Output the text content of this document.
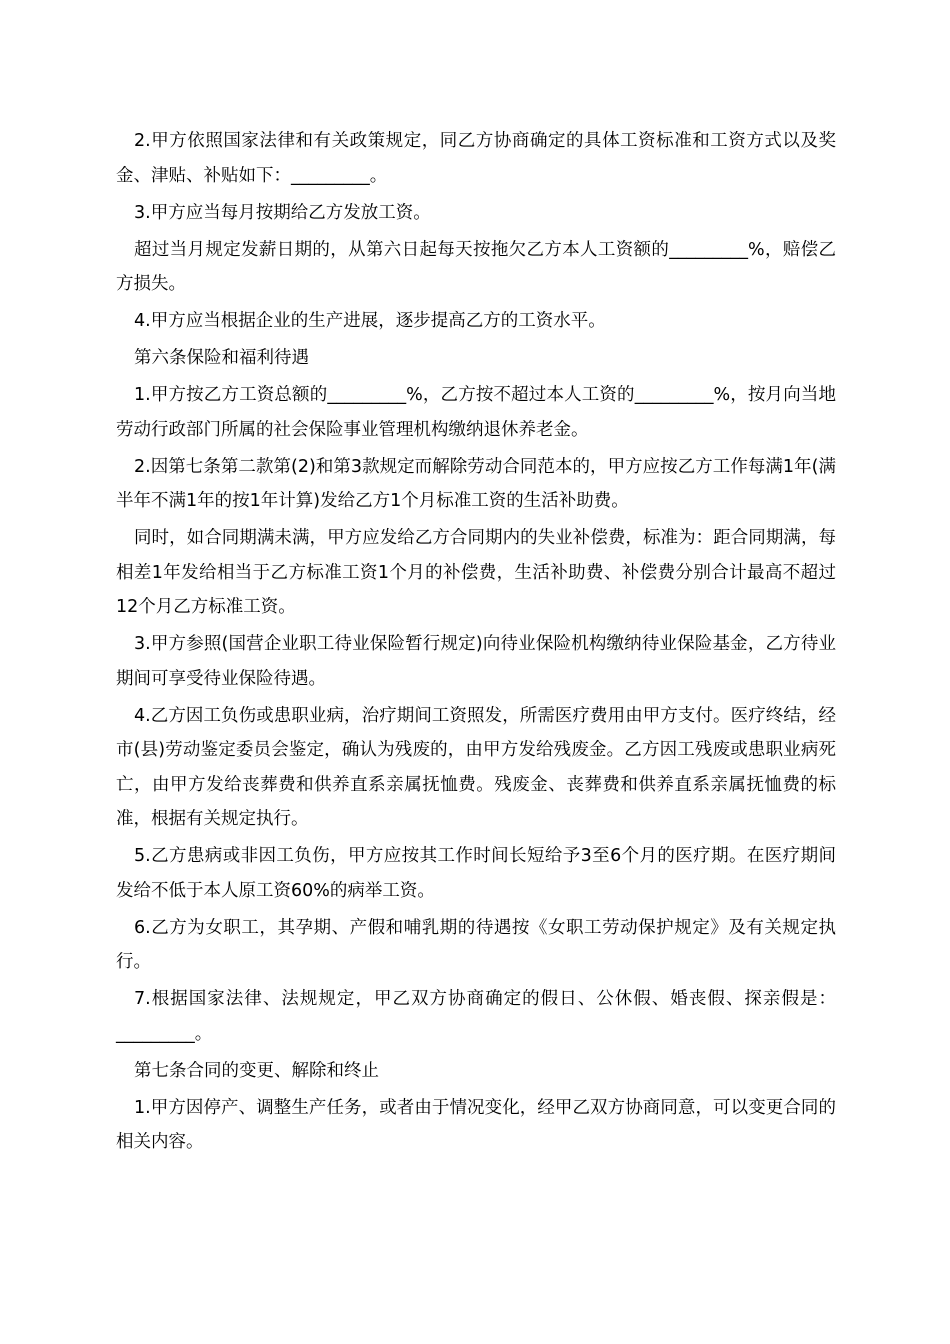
2.甲方依照国家法律和有关政策规定，同乙方协商确定的具体工资标准和工资方式以及奖金、津贴、补贴如下：_________。

3.甲方应当每月按期给乙方发放工资。

超过当月规定发薪日期的，从第六日起每天按拖欠乙方本人工资额的_________%，赔偿乙方损失。

4.甲方应当根据企业的生产进展，逐步提高乙方的工资水平。

第六条保险和福利待遇

1.甲方按乙方工资总额的_________%，乙方按不超过本人工资的_________%，按月向当地劳动行政部门所属的社会保险事业管理机构缴纳退休养老金。

2.因第七条第二款第(2)和第3款规定而解除劳动合同范本的，甲方应按乙方工作每满1年(满半年不满1年的按1年计算)发给乙方1个月标准工资的生活补助费。

同时，如合同期满未满，甲方应发给乙方合同期内的失业补偿费，标准为：距合同期满，每相差1年发给相当于乙方标准工资1个月的补偿费，生活补助费、补偿费分别合计最高不超过12个月乙方标准工资。

3.甲方参照(国营企业职工待业保险暂行规定)向待业保险机构缴纳待业保险基金，乙方待业期间可享受待业保险待遇。

4.乙方因工负伤或患职业病，治疗期间工资照发，所需医疗费用由甲方支付。医疗终结，经市(县)劳动鉴定委员会鉴定，确认为残废的，由甲方发给残废金。乙方因工残废或患职业病死亡，由甲方发给丧葬费和供养直系亲属抚恤费。残废金、丧葬费和供养直系亲属抚恤费的标准，根据有关规定执行。

5.乙方患病或非因工负伤，甲方应按其工作时间长短给予3至6个月的医疗期。在医疗期间发给不低于本人原工资60%的病举工资。

6.乙方为女职工，其孕期、产假和哺乳期的待遇按《女职工劳动保护规定》及有关规定执行。

7.根据国家法律、法规规定，甲乙双方协商确定的假日、公休假、婚丧假、探亲假是：_________。

第七条合同的变更、解除和终止

1.甲方因停产、调整生产任务，或者由于情况变化，经甲乙双方协商同意，可以变更合同的相关内容。
